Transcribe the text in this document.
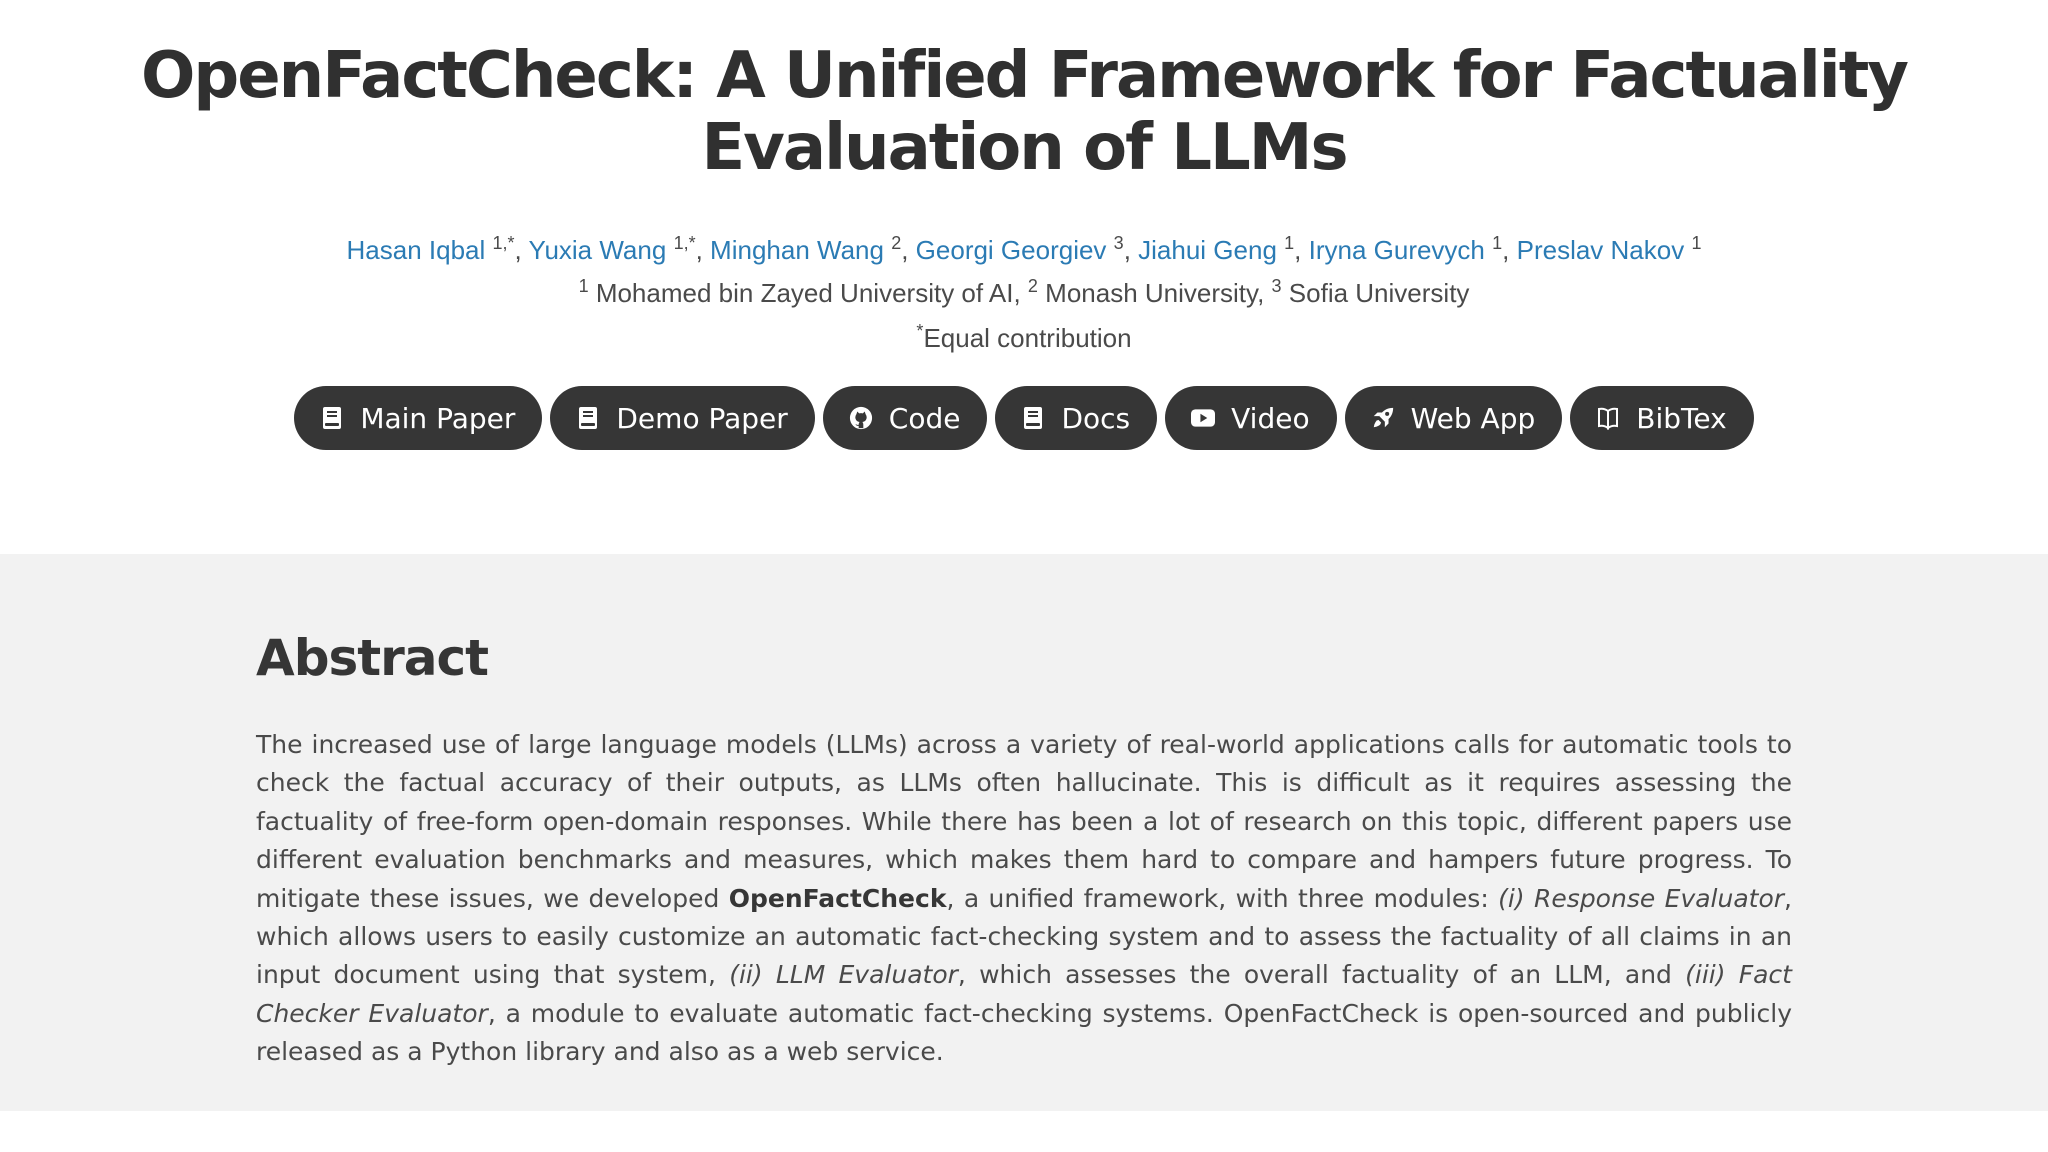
OpenFactCheck: A Unified Framework for Factuality
Evaluation of LLMs
Hasan Iqbal $^{1,*}$, Yuxia Wang $^{1,*}$, Minghan Wang $^2$, Georgi Georgiev $^3$, Jiahui Geng $^1$, Iryna Gurevych $^1$, Preslav Nakov $^1$
$^1$ Mohamed bin Zayed University of AI, $^2$ Monash University, $^3$ Sofia University
*Equal contribution
Main Paper	Demo Paper	Code	Docs	Video	Web App	BibTex
Abstract

The increased use of large language models (LLMs) across a variety of real-world applications calls for automatic tools to check the factual accuracy of their outputs, as LLMs often hallucinate. This is difficult as it requires assessing the factuality of free-form open-domain responses. While there has been a lot of research on this topic, different papers use different evaluation benchmarks and measures, which makes them hard to compare and hampers future progress. To mitigate these issues, we developed OpenFactCheck, a unified framework, with three modules: (i) Response Evaluator, which allows users to easily customize an automatic fact-checking system and to assess the factuality of all claims in an input document using that system, (ii) LLM Evaluator, which assesses the overall factuality of an LLM, and (iii) Fact Checker Evaluator, a module to evaluate automatic fact-checking systems. OpenFactCheck is open-sourced and publicly released as a Python library and also as a web service.
